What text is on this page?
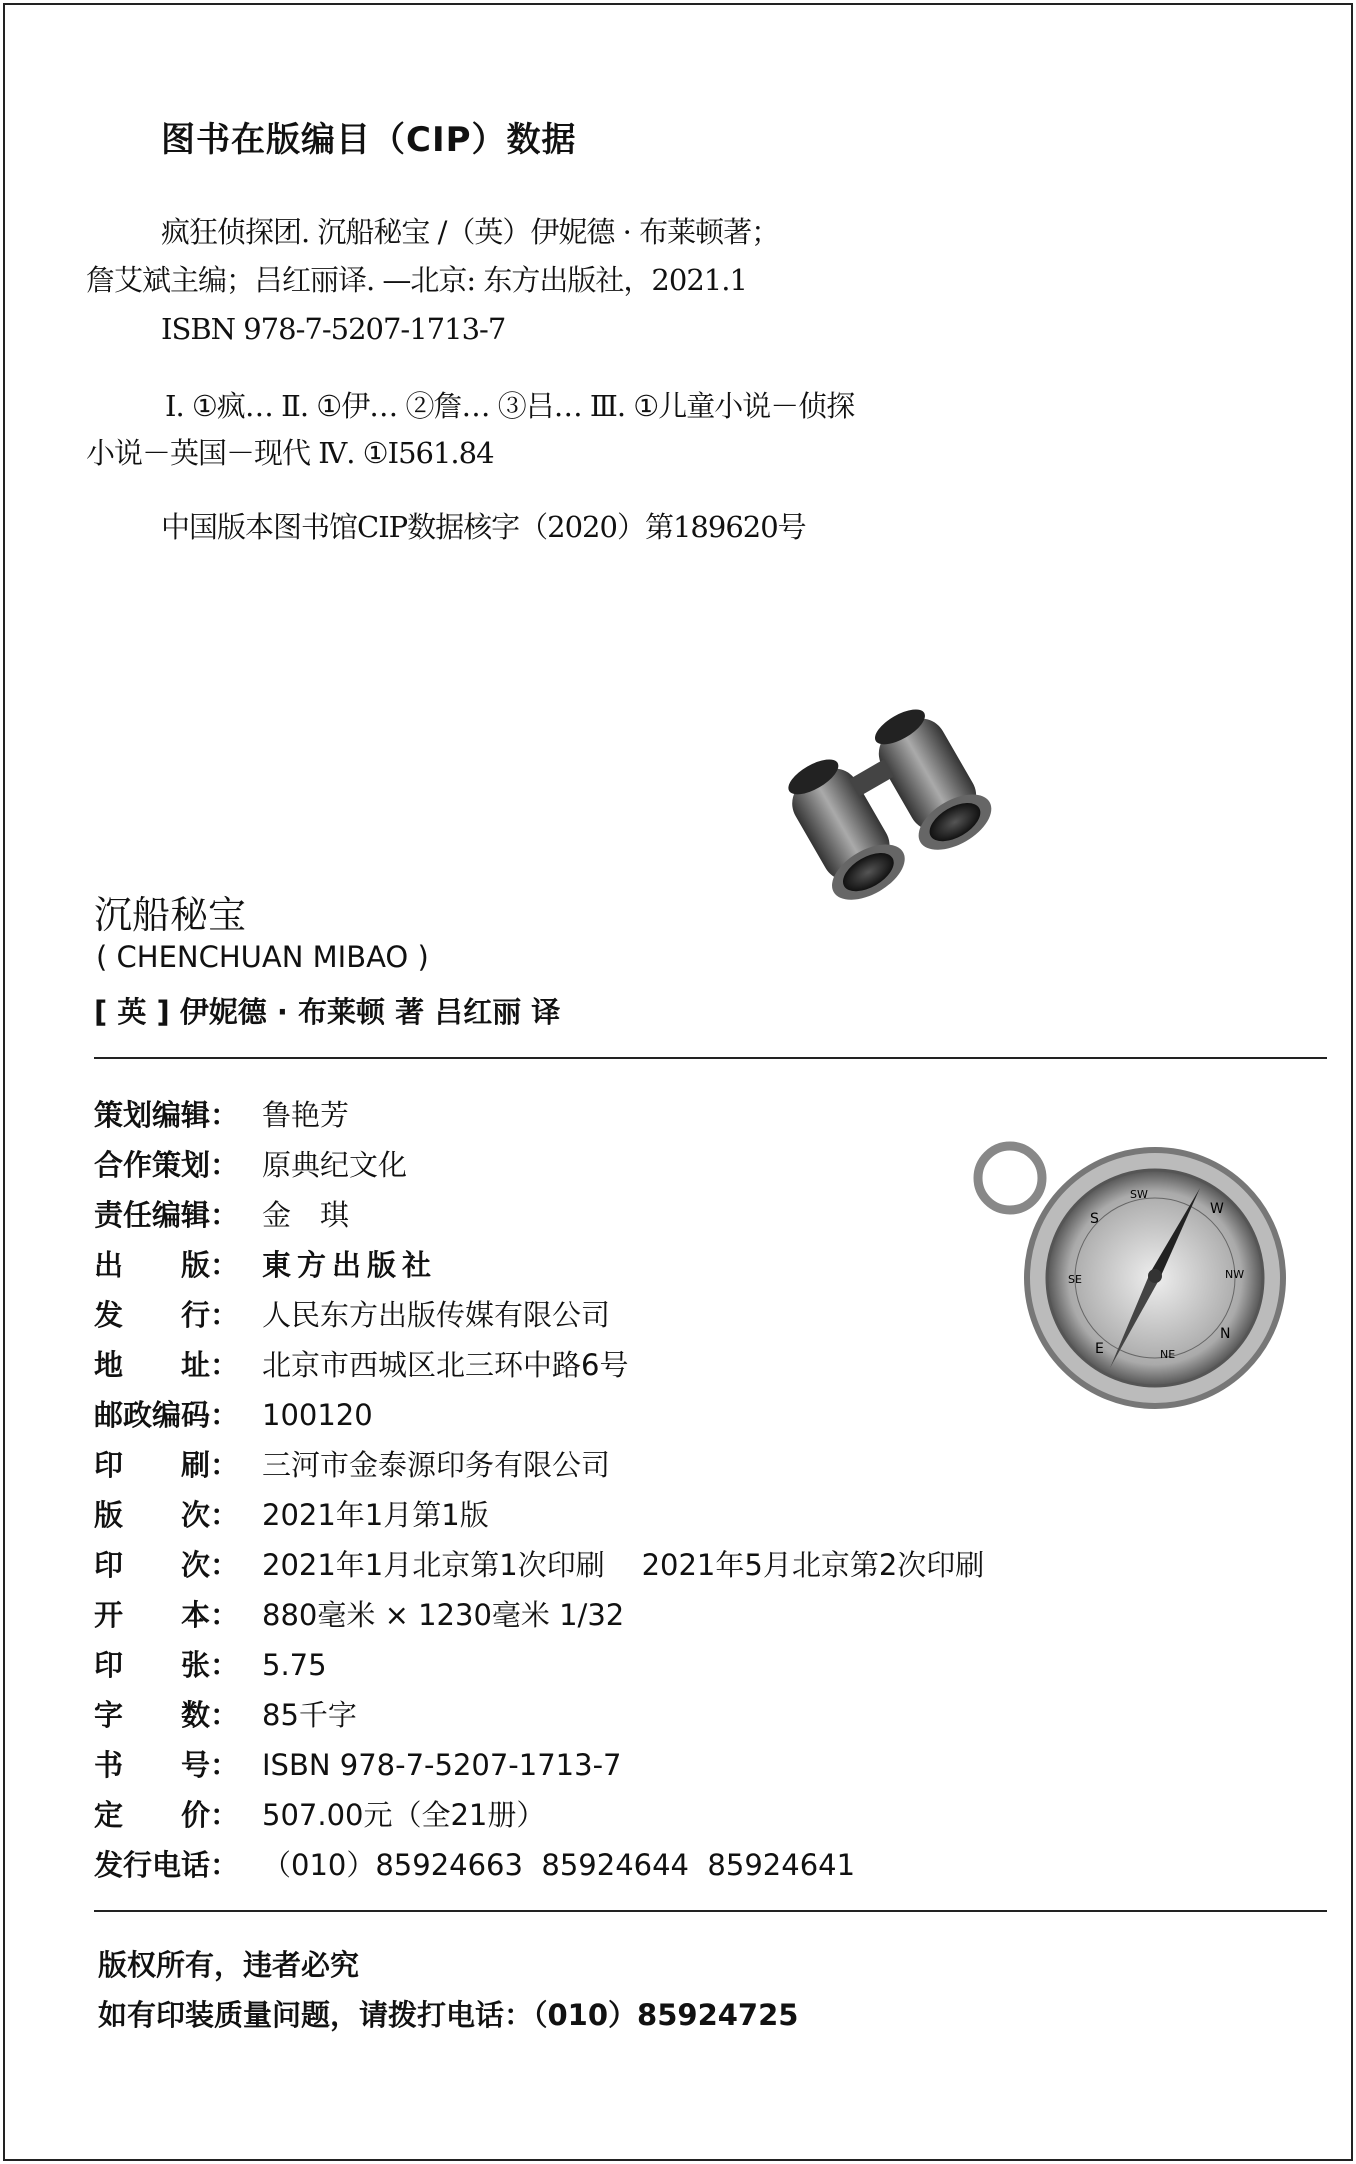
图书在版编目（CIP）数据
疯狂侦探团. 沉船秘宝 /（英）伊妮德 · 布莱顿著；
詹艾斌主编；吕红丽译. —北京: 东方出版社，2021.1
ISBN 978-7-5207-1713-7
Ⅰ. ①疯… Ⅱ. ①伊… ②詹… ③吕… Ⅲ. ①儿童小说－侦探
小说－英国－现代 Ⅳ. ①I561.84
中国版本图书馆CIP数据核字（2020）第189620号
沉船秘宝
( CHENCHUAN MIBAO )
[ 英 ] 伊妮德 · 布莱顿 著 吕红丽 译
策划编辑： 鲁艳芳
合作策划： 原典纪文化
责任编辑： 金　琪
出　　版： 東方出版社
发　　行： 人民东方出版传媒有限公司
地　　址： 北京市西城区北三环中路6号
邮政编码： 100120
印　　刷： 三河市金泰源印务有限公司
版　　次： 2021年1月第1版
印　　次： 2021年1月北京第1次印刷    2021年5月北京第2次印刷
开　　本： 880毫米 × 1230毫米 1/32
印　　张： 5.75
字　　数： 85千字
书　　号： ISBN 978-7-5207-1713-7
定　　价： 507.00元（全21册）
发行电话： （010）85924663  85924644  85924641
S
SW
W
NW
N
NE
E
SE
版权所有，违者必究
如有印装质量问题，请拨打电话：（010）85924725
